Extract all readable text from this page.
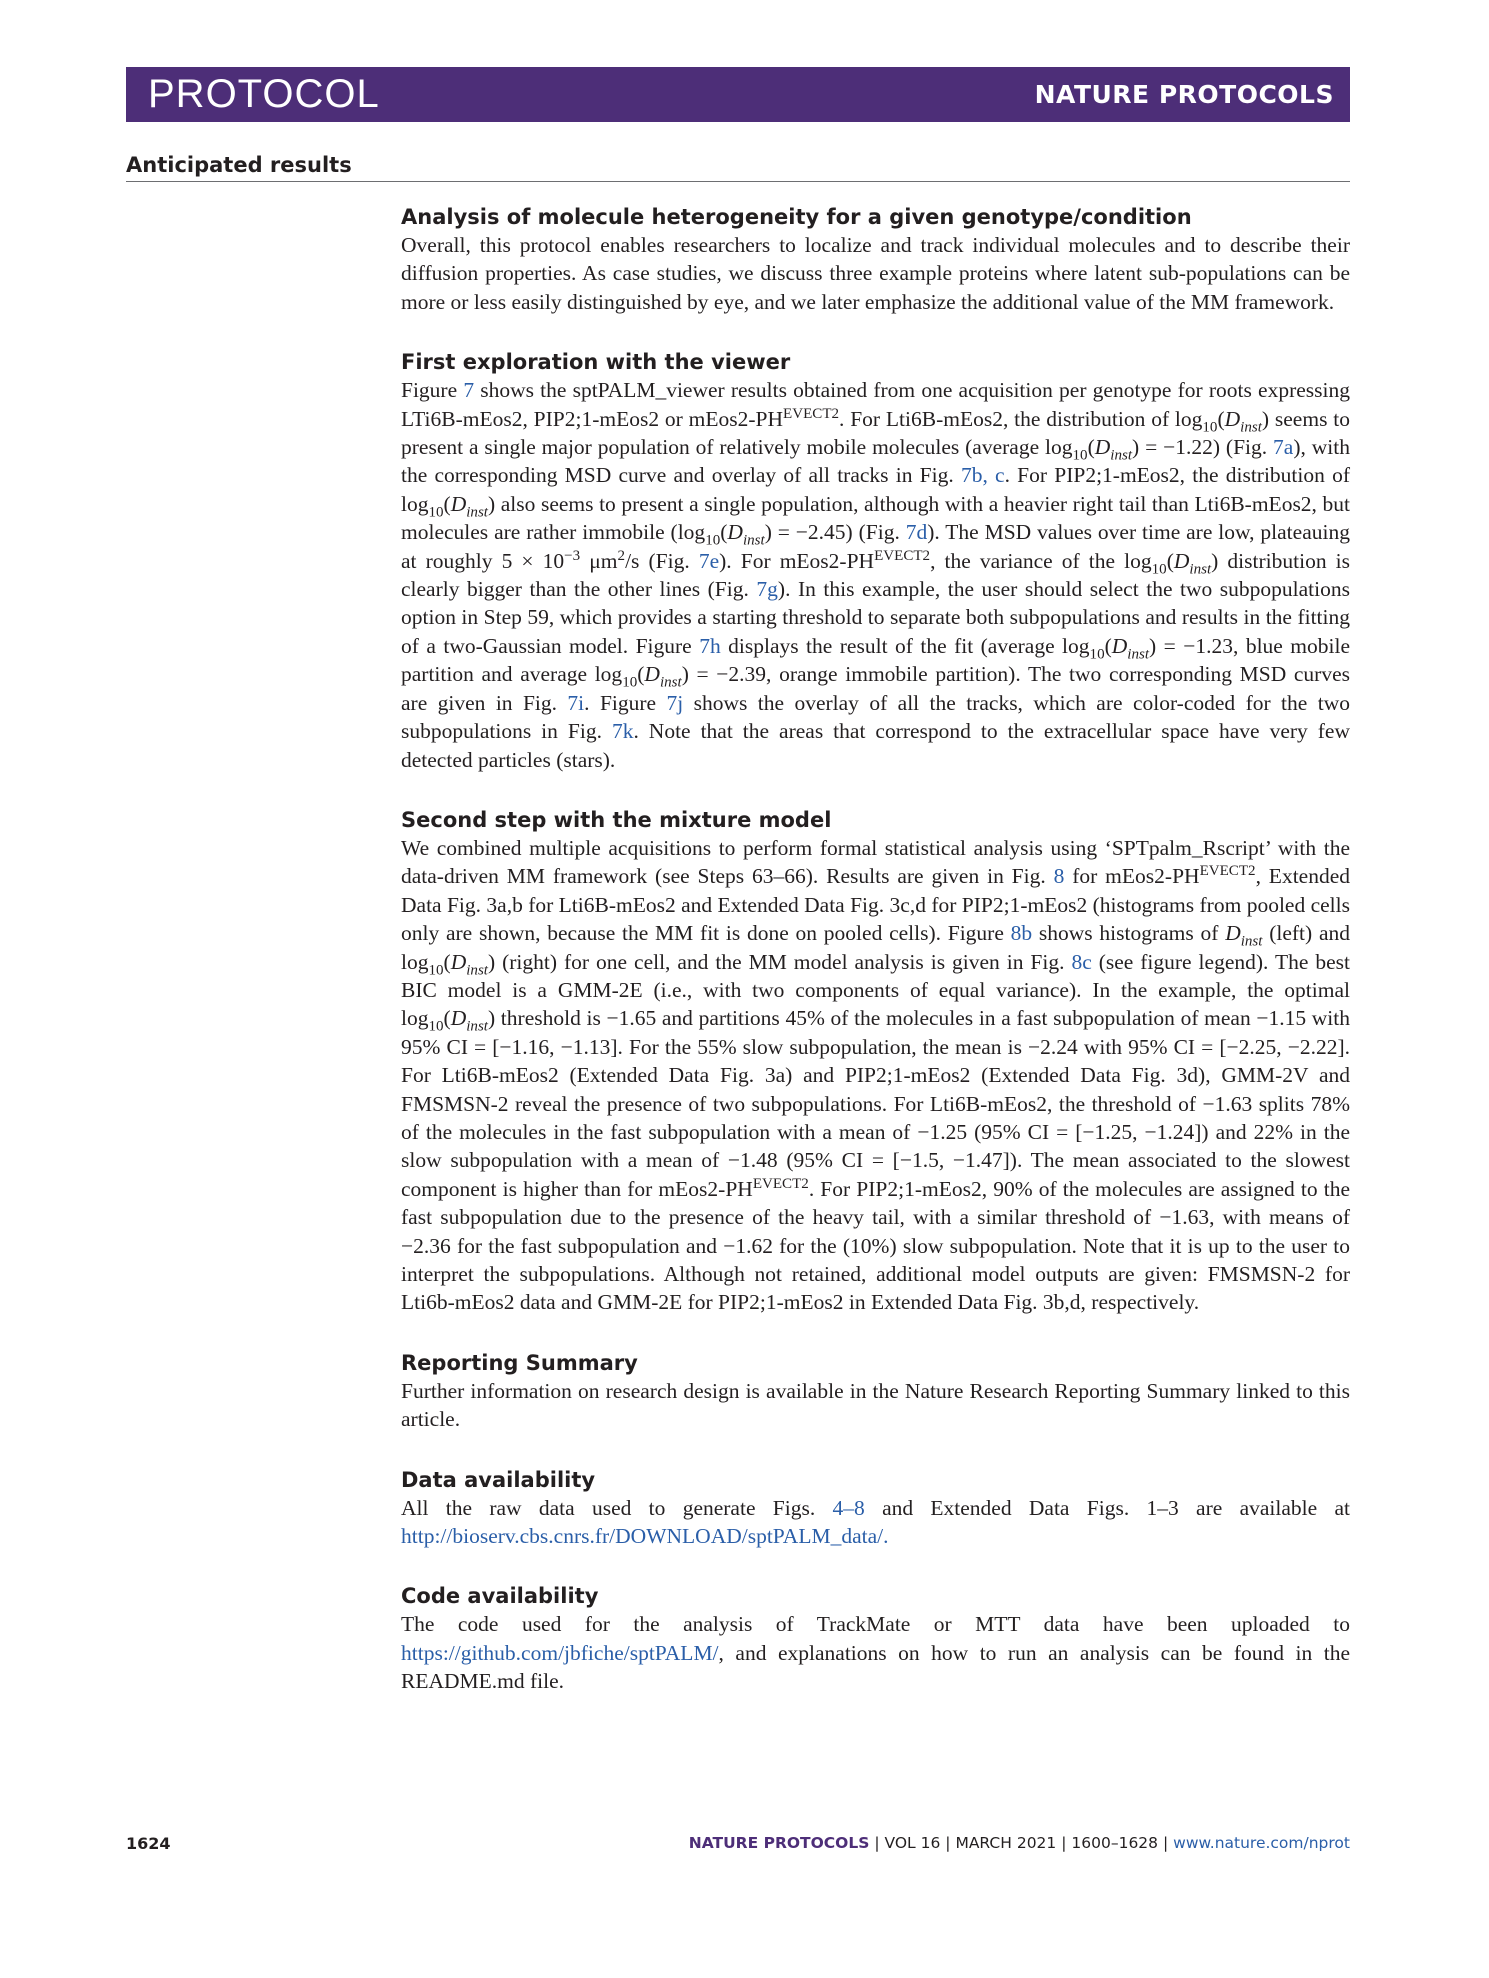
PROTOCOL	NATURE PROTOCOLS
Anticipated results
Analysis of molecule heterogeneity for a given genotype/condition

Overall, this protocol enables researchers to localize and track individual molecules and to describe their diffusion properties. As case studies, we discuss three example proteins where latent sub-populations can be more or less easily distinguished by eye, and we later emphasize the additional value of the MM framework.

First exploration with the viewer

Figure 7 shows the sptPALM_viewer results obtained from one acquisition per genotype for roots expressing LTi6B-mEos2, PIP2;1-mEos2 or $mEos2-PH^{EVECT2}$. For Lti6B-mEos2, the distribution of $\log_{10}(D_{inst})$ seems to present a single major population of relatively mobile molecules (average $\log_{10}(D_{inst}) = -1.22$) (Fig. 7a), with the corresponding MSD curve and overlay of all tracks in Fig. 7b, c. For PIP2;1-mEos2, the distribution of $\log_{10}(D_{inst})$ also seems to present a single population, although with a heavier right tail than Lti6B-mEos2, but molecules are rather immobile $(\log_{10}(D_{inst}) = -2.45)$ (Fig. 7d). The MSD values over time are low, plateauing at roughly $5 \times 10^{-3}$ $\mu m^2/s$ (Fig. 7e). For $mEos2-PH^{EVECT2}$, the variance of the $\log_{10}(D_{inst})$ distribution is clearly bigger than the other lines (Fig. 7g). In this example, the user should select the two subpopulations option in Step 59, which provides a starting threshold to separate both subpopulations and results in the fitting of a two-Gaussian model. Figure 7h displays the result of the fit (average $\log_{10}(D_{inst}) = -1.23$, blue mobile partition and average $\log_{10}(D_{inst}) = -2.39$, orange immobile partition). The two corresponding MSD curves are given in Fig. 7i. Figure 7j shows the overlay of all the tracks, which are color-coded for the two subpopulations in Fig. 7k. Note that the areas that correspond to the extracellular space have very few detected particles (stars).

Second step with the mixture model

We combined multiple acquisitions to perform formal statistical analysis using ‘SPTpalm_Rscript’ with the data-driven MM framework (see Steps 63–66). Results are given in Fig. 8 for $mEos2-PH^{EVECT2}$, Extended Data Fig. 3a,b for Lti6B-mEos2 and Extended Data Fig. 3c,d for PIP2;1-mEos2 (histograms from pooled cells only are shown, because the MM fit is done on pooled cells). Figure 8b shows histograms of $D_{inst}$ (left) and $\log_{10}(D_{inst})$ (right) for one cell, and the MM model analysis is given in Fig. 8c (see figure legend). The best BIC model is a GMM-2E (i.e., with two components of equal variance). In the example, the optimal $\log_{10}(D_{inst})$ threshold is −1.65 and partitions 45% of the molecules in a fast subpopulation of mean −1.15 with 95% CI = [−1.16, −1.13]. For the 55% slow subpopulation, the mean is −2.24 with 95% CI = [−2.25, −2.22]. For Lti6B-mEos2 (Extended Data Fig. 3a) and PIP2;1-mEos2 (Extended Data Fig. 3d), GMM-2V and FMSMSN-2 reveal the presence of two subpopulations. For Lti6B-mEos2, the threshold of −1.63 splits 78% of the molecules in the fast subpopulation with a mean of −1.25 (95% CI = [−1.25, −1.24]) and 22% in the slow subpopulation with a mean of −1.48 (95% CI = [−1.5, −1.47]). The mean associated to the slowest component is higher than for $mEos2-PH^{EVECT2}$. For PIP2;1-mEos2, 90% of the molecules are assigned to the fast subpopulation due to the presence of the heavy tail, with a similar threshold of −1.63, with means of −2.36 for the fast subpopulation and −1.62 for the (10%) slow subpopulation. Note that it is up to the user to interpret the subpopulations. Although not retained, additional model outputs are given: FMSMSN-2 for Lti6b-mEos2 data and GMM-2E for PIP2;1-mEos2 in Extended Data Fig. 3b,d, respectively.

Reporting Summary

Further information on research design is available in the Nature Research Reporting Summary linked to this article.

Data availability

All the raw data used to generate Figs. 4–8 and Extended Data Figs. 1–3 are available at http://bioserv.cbs.cnrs.fr/DOWNLOAD/sptPALM_data/.

Code availability

The code used for the analysis of TrackMate or MTT data have been uploaded to https://github.com/jbfiche/sptPALM/, and explanations on how to run an analysis can be found in the README.md file.

1624	NATURE PROTOCOLS | VOL 16 | MARCH 2021 | 1600–1628 | www.nature.com/nprot
